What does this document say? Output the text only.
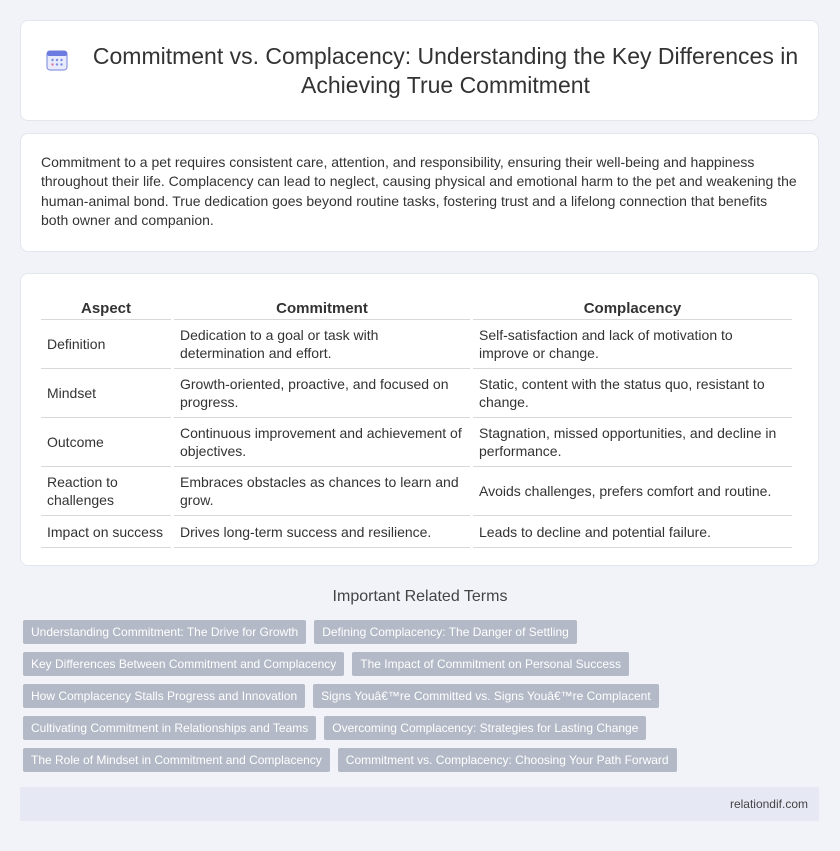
Commitment vs. Complacency: Understanding the Key Differences in Achieving True Commitment

Commitment to a pet requires consistent care, attention, and responsibility, ensuring their well-being and happiness throughout their life. Complacency can lead to neglect, causing physical and emotional harm to the pet and weakening the human-animal bond. True dedication goes beyond routine tasks, fostering trust and a lifelong connection that benefits both owner and companion.

Aspect	Commitment	Complacency
Definition	Dedication to a goal or task with determination and effort.	Self-satisfaction and lack of motivation to improve or change.
Mindset	Growth-oriented, proactive, and focused on progress.	Static, content with the status quo, resistant to change.
Outcome	Continuous improvement and achievement of objectives.	Stagnation, missed opportunities, and decline in performance.
Reaction to challenges	Embraces obstacles as chances to learn and grow.	Avoids challenges, prefers comfort and routine.
Impact on success	Drives long-term success and resilience.	Leads to decline and potential failure.
Important Related Terms
Understanding Commitment: The Drive for Growth	Defining Complacency: The Danger of Settling
Key Differences Between Commitment and Complacency	The Impact of Commitment on Personal Success
How Complacency Stalls Progress and Innovation	Signs Youâ€™re Committed vs. Signs Youâ€™re Complacent
Cultivating Commitment in Relationships and Teams	Overcoming Complacency: Strategies for Lasting Change
The Role of Mindset in Commitment and Complacency	Commitment vs. Complacency: Choosing Your Path Forward
relationdif.com
